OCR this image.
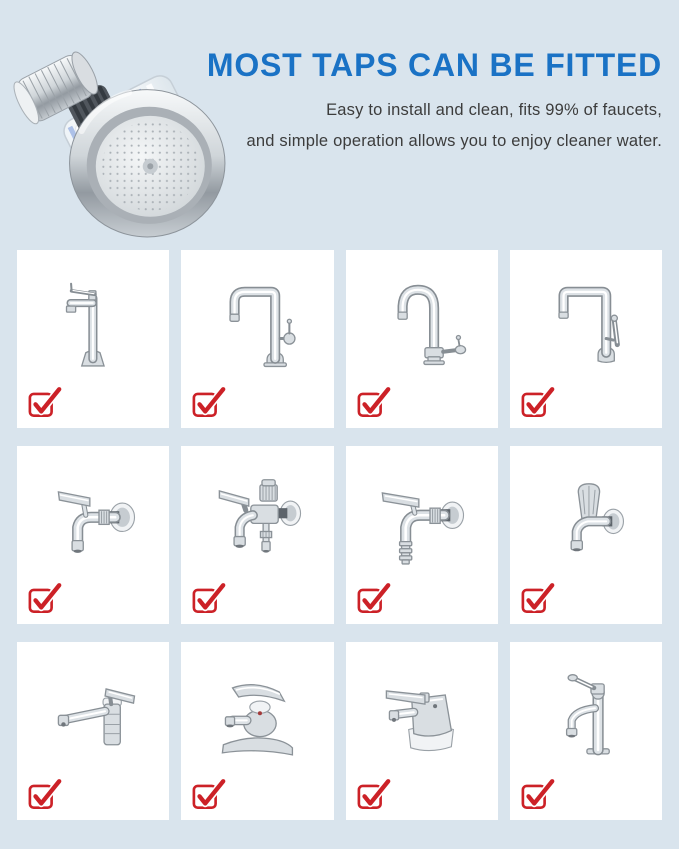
MOST TAPS CAN BE FITTED
Easy to install and clean, fits 99% of faucets,
and simple operation allows you to enjoy cleaner water.
